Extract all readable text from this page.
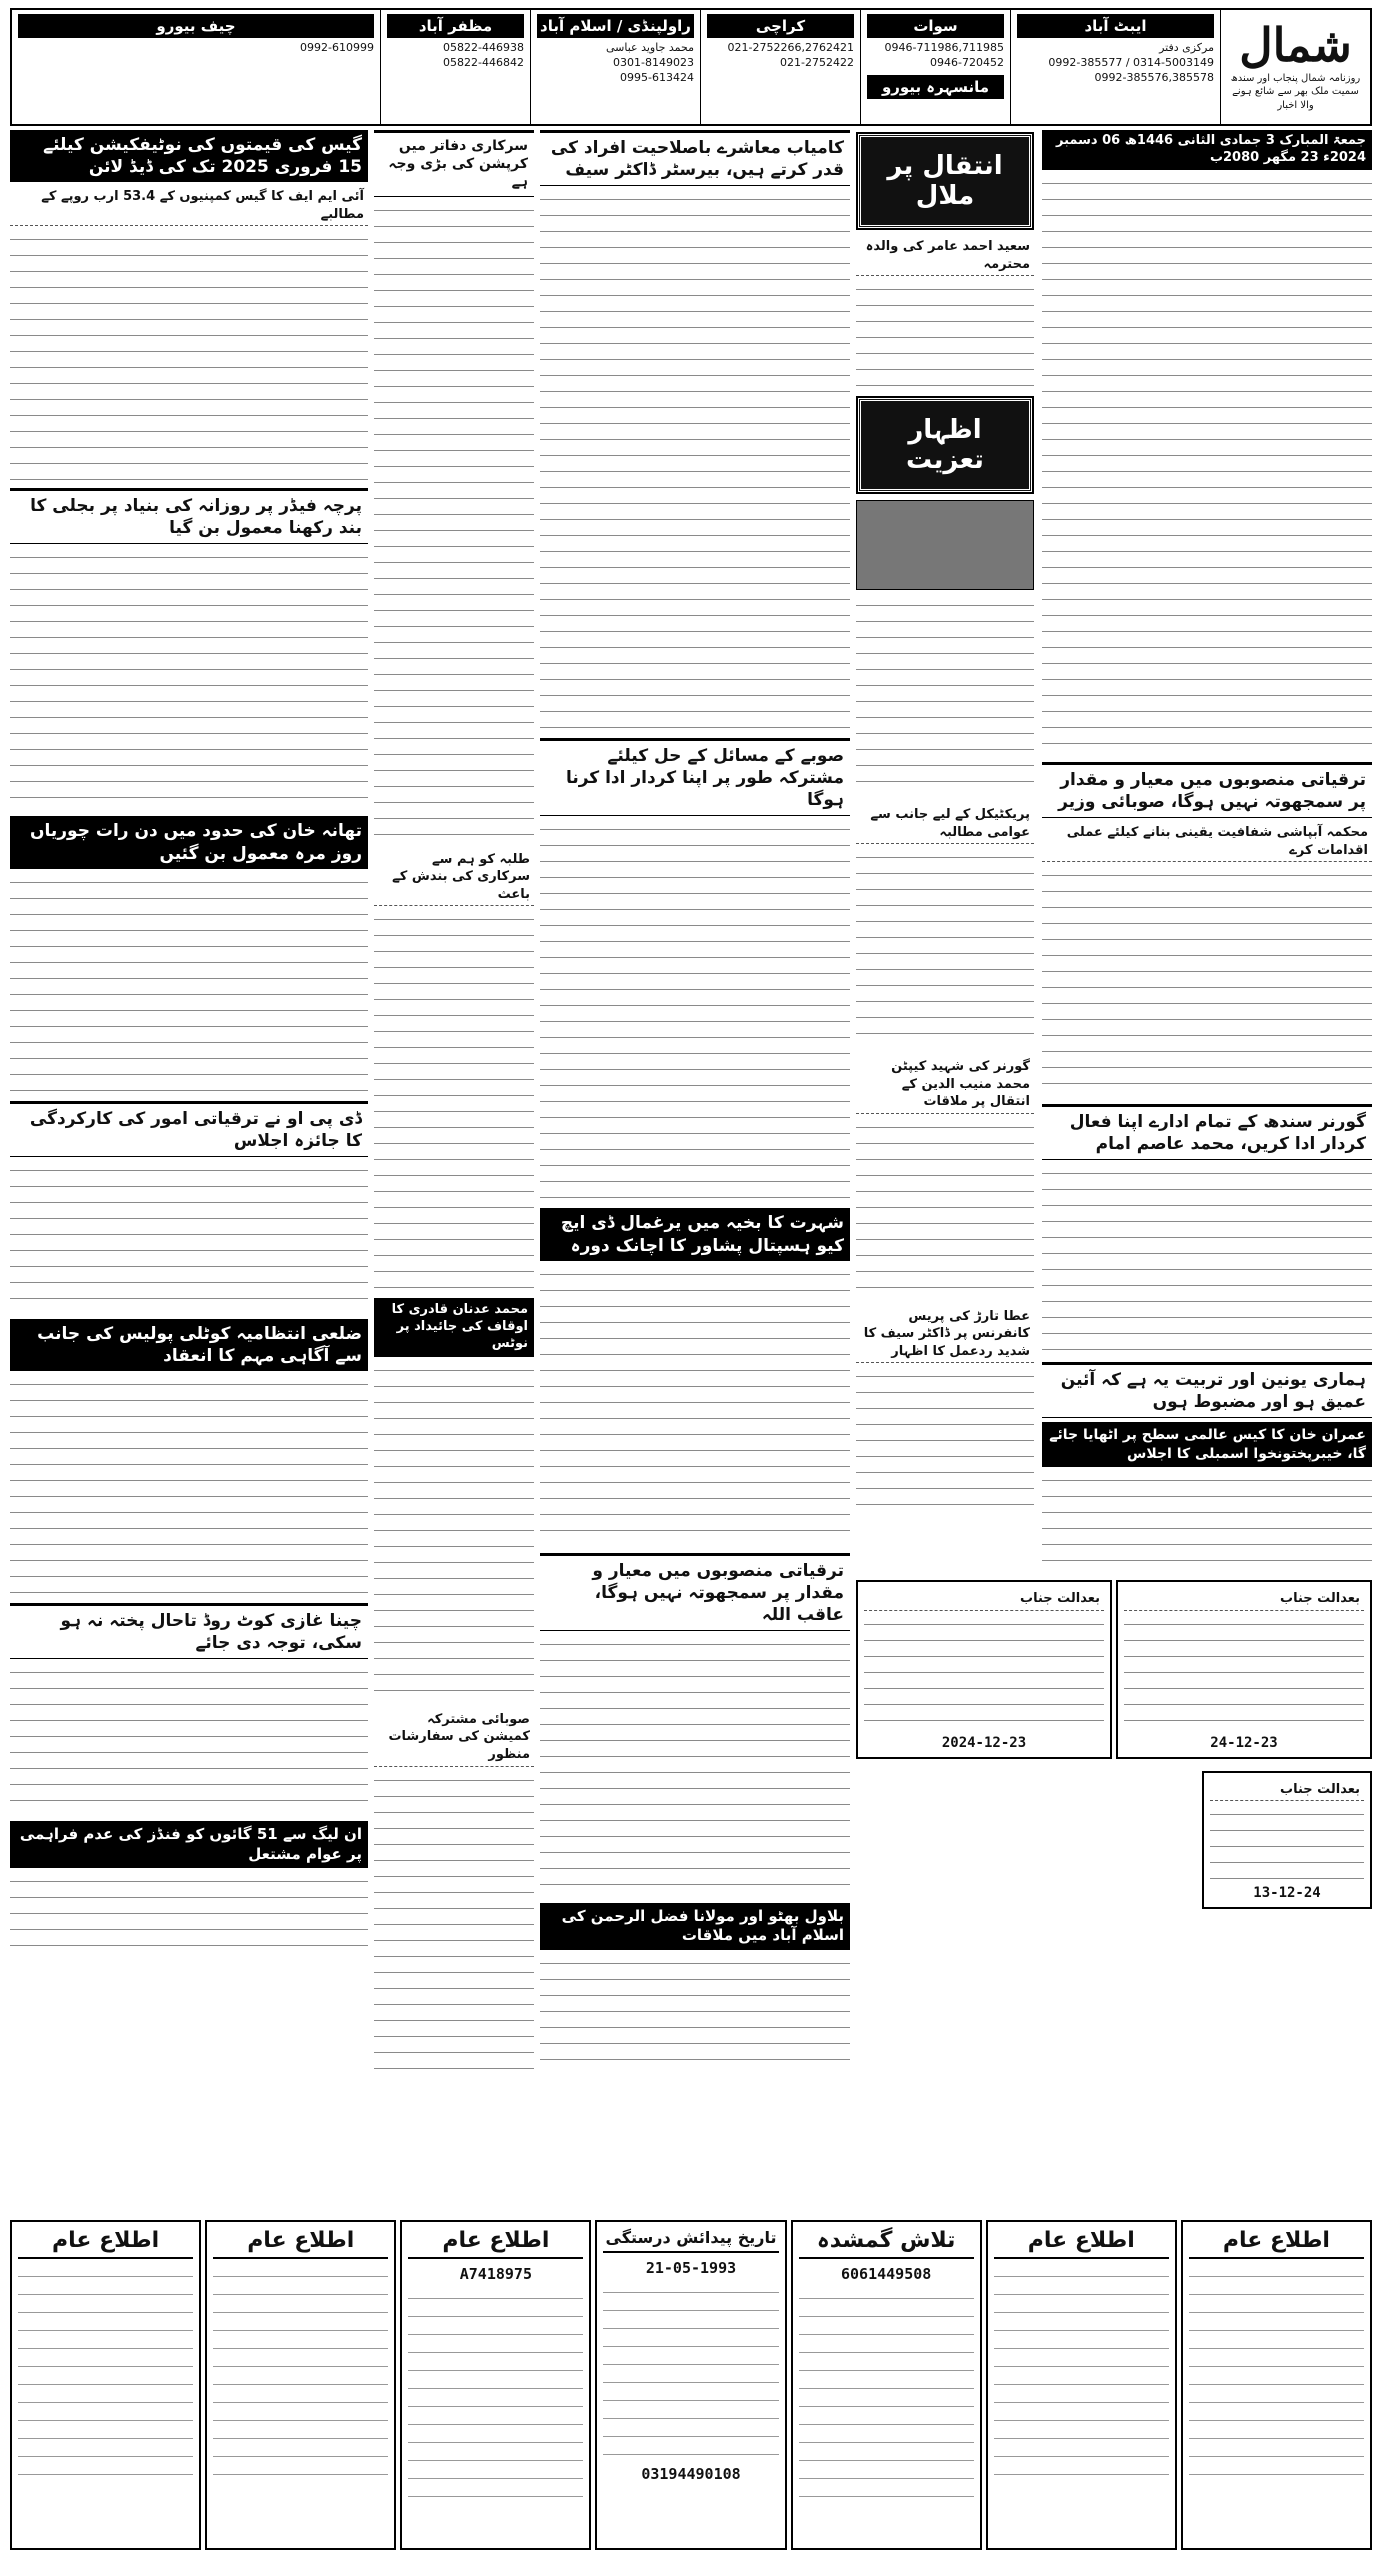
شمال
روزنامہ شمال پنجاب اور سندھ سمیت ملک بھر سے شائع ہونے والا اخبار
ایبٹ آباد
مرکزی دفتر
0314-5003149 / 0992-385577
0992-385576,385578
سوات
0946-711986,711985
0946-720452
مانسہرہ بیورو
کراچی
021-2752266,2762421
021-2752422
راولپنڈی / اسلام آباد
محمد جاوید عباسی
0301-8149023
0995-613424
مظفر آباد
05822-446938
05822-446842
چیف بیورو
0992-610999
جمعۃ المبارک 3 جمادی الثانی 1446ھ 06 دسمبر 2024ء 23 مگھر 2080ب
ترقیاتی منصوبوں میں معیار و مقدار پر سمجھوتہ نہیں ہوگا، صوبائی وزیر
محکمہ آبپاشی شفافیت یقینی بنانے کیلئے عملی اقدامات کرے
گورنر سندھ کے تمام ادارے اپنا فعال کردار ادا کریں، محمد عاصم امام
ہماری یونین اور تربیت یہ ہے کہ آئین عمیق ہو اور مضبوط ہوں
عمران خان کا کیس عالمی سطح پر اٹھایا جائے گا، خیبرپختونخوا اسمبلی کا اجلاس
انتقال پر ملال
سعید احمد عامر کی والدہ محترمہ
اظہار تعزیت
پریکٹیکل کے لیے جانب سے عوامی مطالبہ
گورنر کی شہید کیپٹن محمد منیب الدین کے انتقال پر ملاقات
عطا تارڑ کی پریس کانفرنس پر ڈاکٹر سیف کا شدید ردعمل کا اظہار
کامیاب معاشرے باصلاحیت افراد کی قدر کرتے ہیں، بیرسٹر ڈاکٹر سیف
صوبے کے مسائل کے حل کیلئے مشترکہ طور پر اپنا کردار ادا کرنا ہوگا
شہرت کا بخیہ میں یرغمال ڈی ایچ کیو ہسپتال پشاور کا اچانک دورہ
ترقیاتی منصوبوں میں معیار و مقدار پر سمجھوتہ نہیں ہوگا، عاقب اللہ
بلاول بھٹو اور مولانا فضل الرحمن کی اسلام آباد میں ملاقات
سرکاری دفاتر میں کرپشن کی بڑی وجہ ہے
طلبہ کو ہم سے سرکاری کی بندش کے باعث
محمد عدنان قادری کا اوقاف کی جائیداد پر نوٹس
صوبائی مشترکہ کمیشن کی سفارشات منظور
گیس کی قیمتوں کی نوٹیفکیشن کیلئے 15 فروری 2025 تک کی ڈیڈ لائن
آئی ایم ایف کا گیس کمپنیوں کے 53.4 ارب روپے کے مطالبے
پرچہ فیڈر پر روزانہ کی بنیاد پر بجلی کا بند رکھنا معمول بن گیا
تھانہ خان کی حدود میں دن رات چوریاں روز مرہ معمول بن گئیں
ڈی پی او نے ترقیاتی امور کی کارکردگی کا جائزہ اجلاس
ضلعی انتظامیہ کوٹلی پولیس کی جانب سے آگاہی مہم کا انعقاد
چینا غازی کوٹ روڈ تاحال پختہ نہ ہو سکی، توجہ دی جائے
ان لیگ سے 51 گائوں کو فنڈز کی عدم فراہمی پر عوام مشتعل
بعدالت جناب
24-12-23
بعدالت جناب
2024-12-23
بعدالت جناب
13-12-24
اطلاع عام
اطلاع عام
تلاش گمشدہ
6061449508
تاریخ پیدائش درستگی
21-05-1993
03194490108
اطلاع عام
A7418975
اطلاع عام
اطلاع عام
